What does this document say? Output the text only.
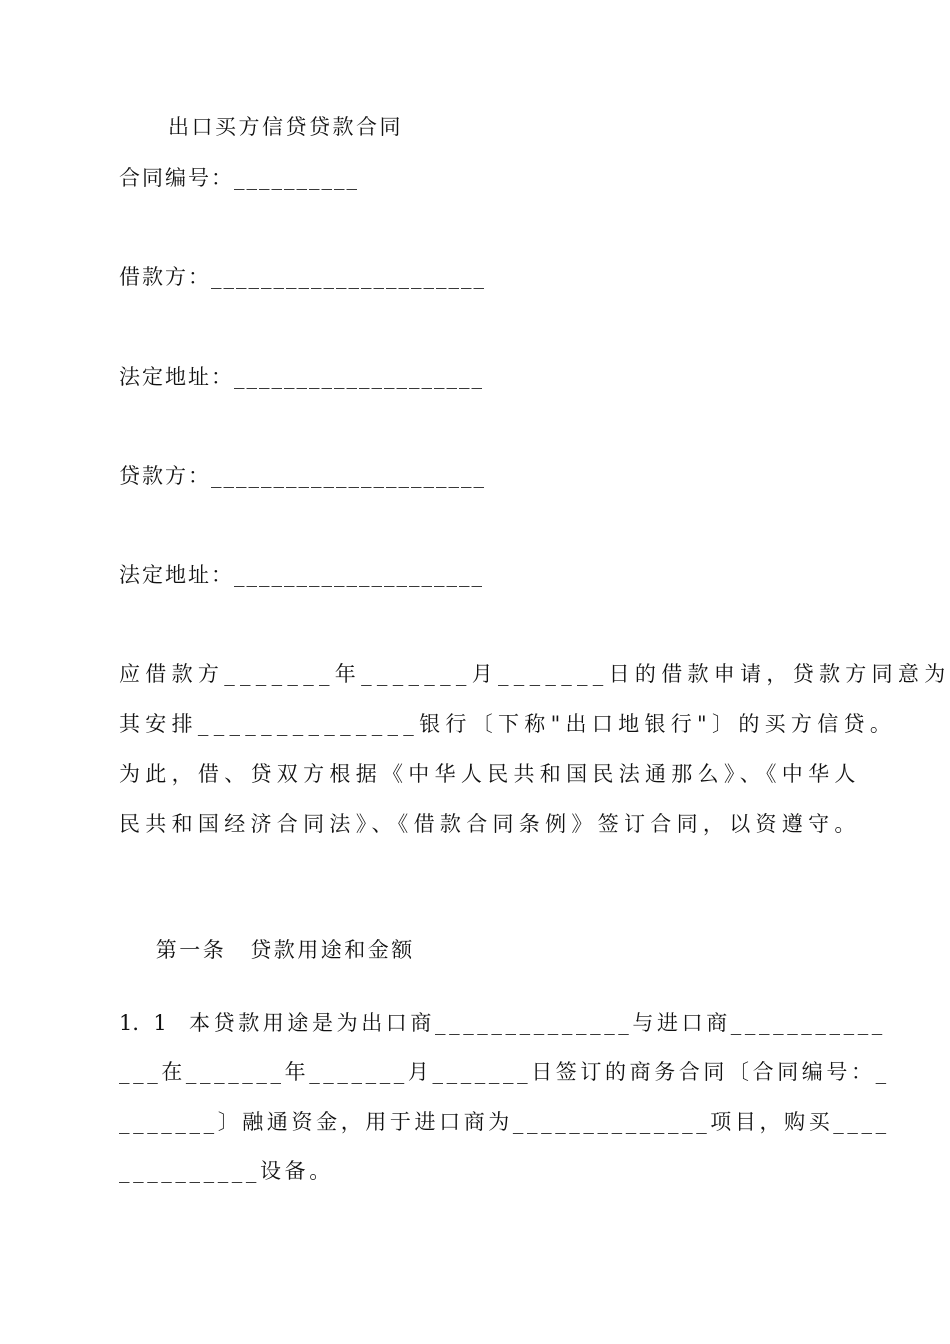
出口买方信贷贷款合同
合同编号：__________
借款方：______________________
法定地址：____________________
贷款方：______________________
法定地址：____________________
应借款方_______年_______月_______日的借款申请，贷款方同意为
其安排______________银行〔下称"出口地银行"〕的买方信贷。
为此，借、贷双方根据《中华人民共和国民法通那么》、《中华人
民共和国经济合同法》、《借款合同条例》签订合同，以资遵守。

第一条 贷款用途和金额

1．1 本贷款用途是为出口商______________与进口商___________
___在_______年_______月_______日签订的商务合同〔合同编号：_
_______〕融通资金，用于进口商为______________项目，购买____
__________设备。
